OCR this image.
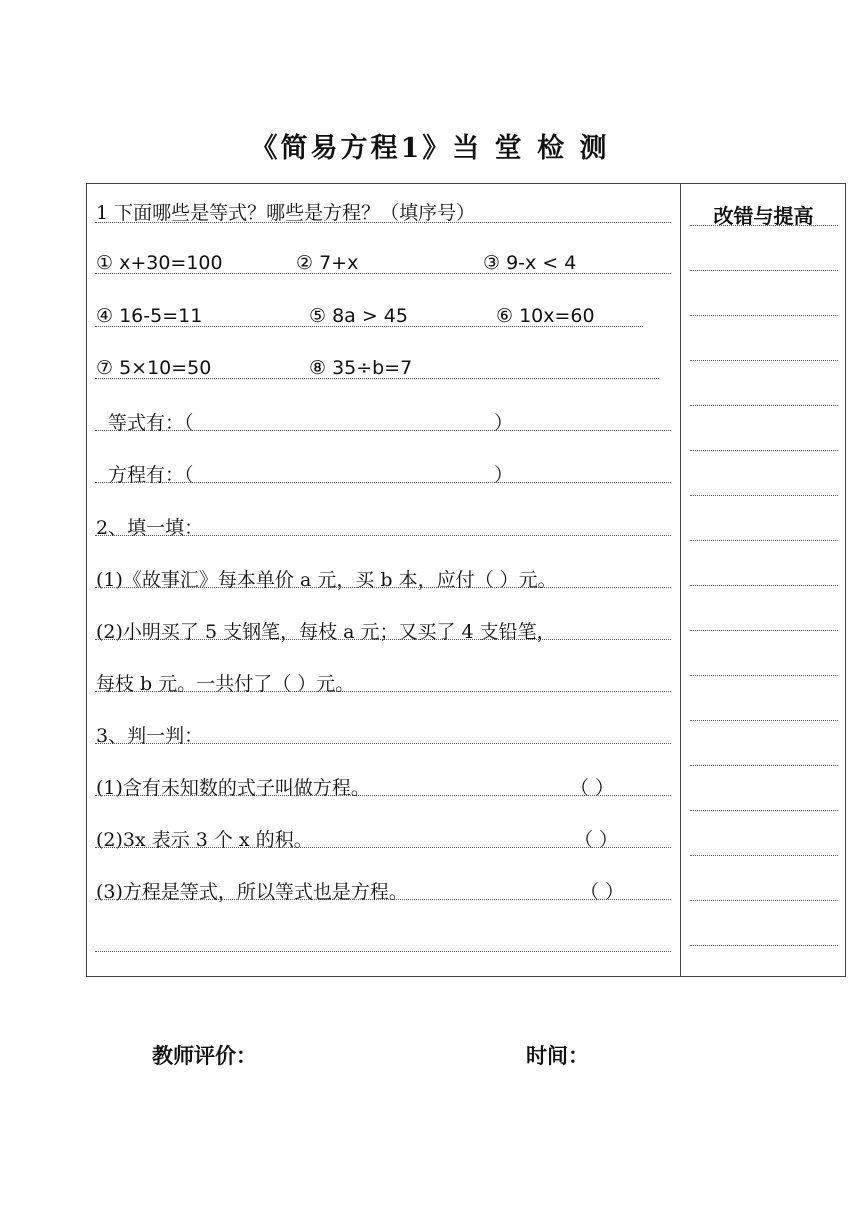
《简易方程1》当 堂 检 测
改错与提高
1 下面哪些是等式？哪些是方程？（填序号）
① x+30=100	② 7+x	③ 9-x < 4
④ 16-5=11	⑤ 8a > 45	⑥ 10x=60
⑦ 5×10=50	⑧ 35÷b=7
等式有：（	）
方程有：（	）
2、填一填：
(1)《故事汇》每本单价 a 元，买 b 本，应付（ ）元。
(2)小明买了 5 支钢笔，每枝 a 元；又买了 4 支铅笔，
每枝 b 元。一共付了（ ）元。
3、判一判：
(1)含有未知数的式子叫做方程。	（ ）
(2)3x 表示 3 个 x 的积。	（ ）
(3)方程是等式，所以等式也是方程。	（ ）
教师评价：	时间：
